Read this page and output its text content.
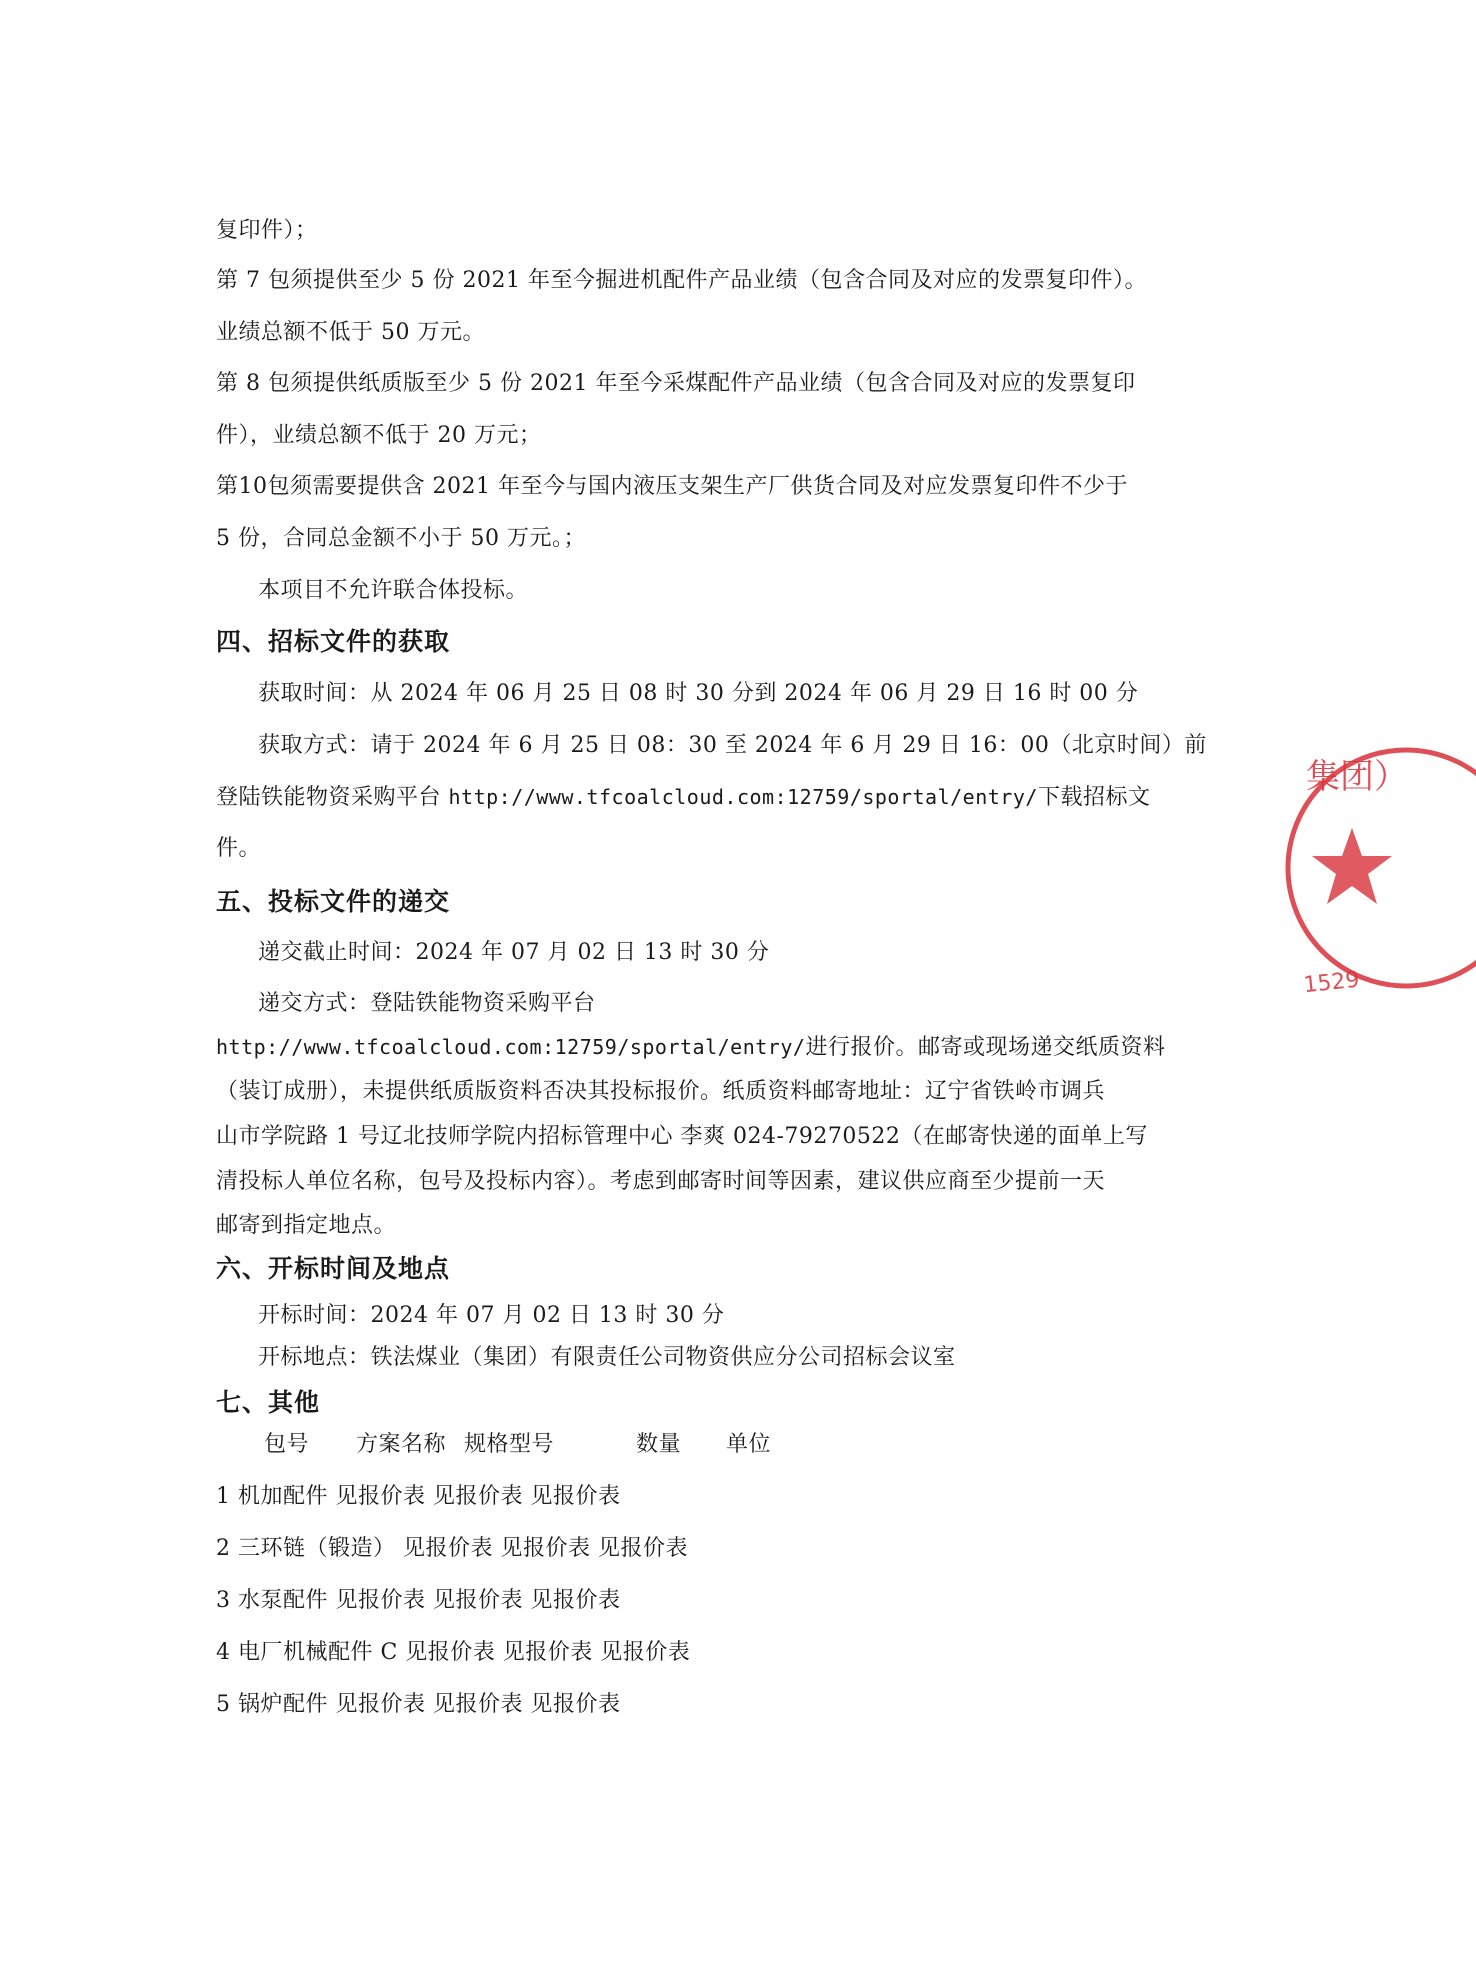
复印件）；
第 7 包须提供至少 5 份 2021 年至今掘进机配件产品业绩（包含合同及对应的发票复印件）。
业绩总额不低于 50 万元。
第 8 包须提供纸质版至少 5 份 2021 年至今采煤配件产品业绩（包含合同及对应的发票复印
件），业绩总额不低于 20 万元；
第10包须需要提供含 2021 年至今与国内液压支架生产厂供货合同及对应发票复印件不少于
5 份，合同总金额不小于 50 万元。；
本项目不允许联合体投标。
四、招标文件的获取
获取时间：从 2024 年 06 月 25 日 08 时 30 分到 2024 年 06 月 29 日 16 时 00 分
获取方式：请于 2024 年 6 月 25 日 08：30 至 2024 年 6 月 29 日 16：00（北京时间）前
登陆铁能物资采购平台 http://www.tfcoalcloud.com:12759/sportal/entry/下载招标文
件。
五、投标文件的递交
递交截止时间：2024 年 07 月 02 日 13 时 30 分
递交方式：登陆铁能物资采购平台
http://www.tfcoalcloud.com:12759/sportal/entry/进行报价。邮寄或现场递交纸质资料
（装订成册），未提供纸质版资料否决其投标报价。纸质资料邮寄地址：辽宁省铁岭市调兵
山市学院路 1 号辽北技师学院内招标管理中心 李爽 024-79270522（在邮寄快递的面单上写
清投标人单位名称，包号及投标内容）。考虑到邮寄时间等因素，建议供应商至少提前一天
邮寄到指定地点。
六、开标时间及地点
开标时间：2024 年 07 月 02 日 13 时 30 分
开标地点：铁法煤业（集团）有限责任公司物资供应分公司招标会议室
七、其他
包号 方案名称 规格型号	数量 单位
1 机加配件 见报价表 见报价表 见报价表
2 三环链（锻造） 见报价表 见报价表 见报价表
3 水泵配件 见报价表 见报价表 见报价表
4 电厂机械配件 C 见报价表 见报价表 见报价表
5 锅炉配件 见报价表 见报价表 见报价表
集团）
1529
